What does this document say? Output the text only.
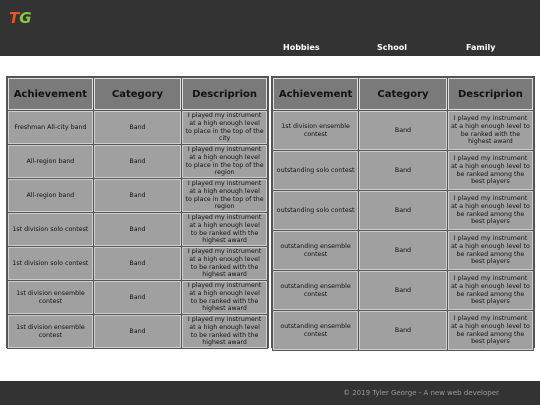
TG
Hobbies	School	Family
Achievement	Category	Descriprion
Freshman All-city band	Band	I played my instrument at a high enough level to place in the top of the city
All-region band	Band	I played my instrument at a high enough level to place in the top of the region
All-region band	Band	I played my instrument at a high enough level to place in the top of the region
1st division solo contest	Band	I played my instrument at a high enough level to be ranked with the highest award
1st division solo contest	Band	I played my instrument at a high enough level to be ranked with the highest award
1st division ensemble contest	Band	I played my instrument at a high enough level to be ranked with the highest award
1st division ensemble contest	Band	I played my instrument at a high enough level to be ranked with the highest award
Achievement	Category	Descriprion
1st division ensemble contest	Band	I played my instrument at a high enough level to be ranked with the highest award
outstanding solo contest	Band	I played my instrument at a high enough level to be ranked among the best players
outstanding solo contest	Band	I played my instrument at a high enough level to be ranked among the best players
outstanding ensemble contest	Band	I played my instrument at a high enough level to be ranked among the best players
outstanding ensemble contest	Band	I played my instrument at a high enough level to be ranked among the best players
outstanding ensemble contest	Band	I played my instrument at a high enough level to be ranked among the best players
© 2019 Tyler George - A new web developer
